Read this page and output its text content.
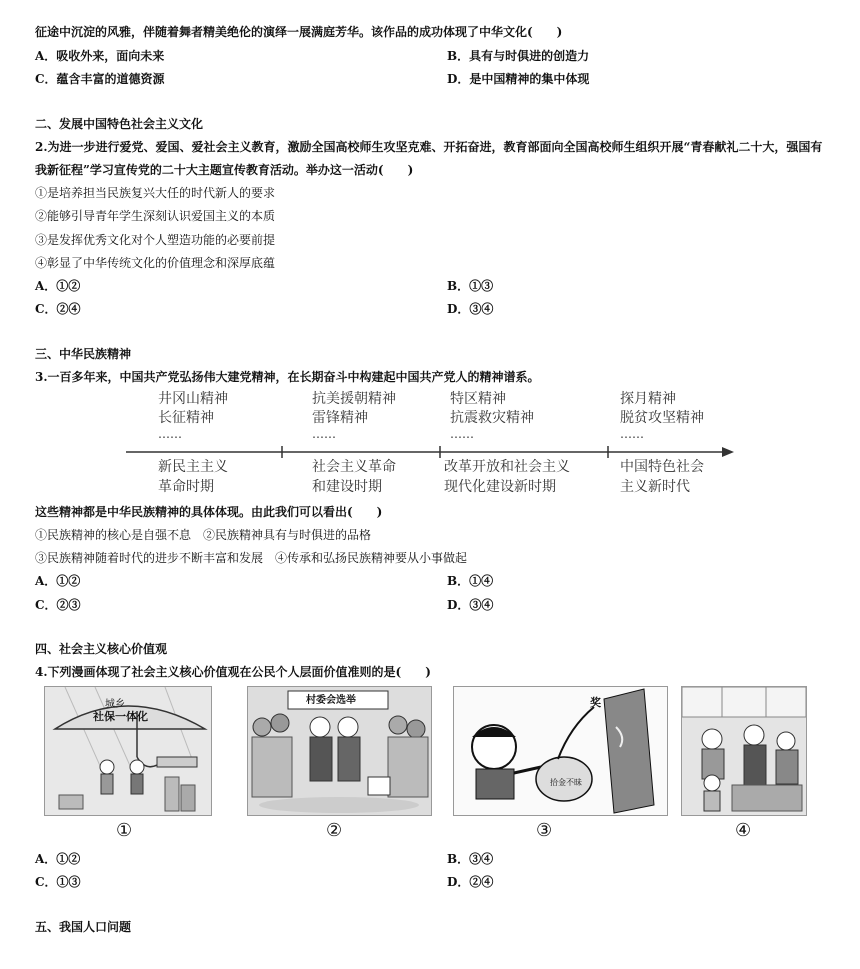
征途中沉淀的风雅，伴随着舞者精美绝伦的演绎一展满庭芳华。该作品的成功体现了中华文化(　　)
A．吸收外来，面向未来	B．具有与时俱进的创造力
C．蕴含丰富的道德资源	D．是中国精神的集中体现
二、发展中国特色社会主义文化
2.为进一步进行爱党、爱国、爱社会主义教育，激励全国高校师生攻坚克难、开拓奋进，教育部面向全国高校师生组织开展“青春献礼二十大，强国有
我新征程”学习宣传党的二十大主题宣传教育活动。举办这一活动(　　)
①是培养担当民族复兴大任的时代新人的要求
②能够引导青年学生深刻认识爱国主义的本质
③是发挥优秀文化对个人塑造功能的必要前提
④彰显了中华传统文化的价值理念和深厚底蕴
A．①②	B．①③
C．②④	D．③④
三、中华民族精神
3.一百多年来，中国共产党弘扬伟大建党精神，在长期奋斗中构建起中国共产党人的精神谱系。
井冈山精神
长征精神
……
新民主主义
革命时期
抗美援朝精神
雷锋精神
……
社会主义革命
和建设时期
特区精神
抗震救灾精神
……
改革开放和社会主义
现代化建设新时期
探月精神
脱贫攻坚精神
……
中国特色社会
主义新时代
这些精神都是中华民族精神的具体体现。由此我们可以看出(　　)
①民族精神的核心是自强不息　②民族精神具有与时俱进的品格
③民族精神随着时代的进步不断丰富和发展　④传承和弘扬民族精神要从小事做起
A．①②	B．①④
C．②③	D．③④
四、社会主义核心价值观
4.下列漫画体现了社会主义核心价值观在公民个人层面价值准则的是(　　)
城乡
社保一体化
村委会选举
拾金不昧
奖
①	②	③	④
A．①②	B．③④
C．①③	D．②④
五、我国人口问题
